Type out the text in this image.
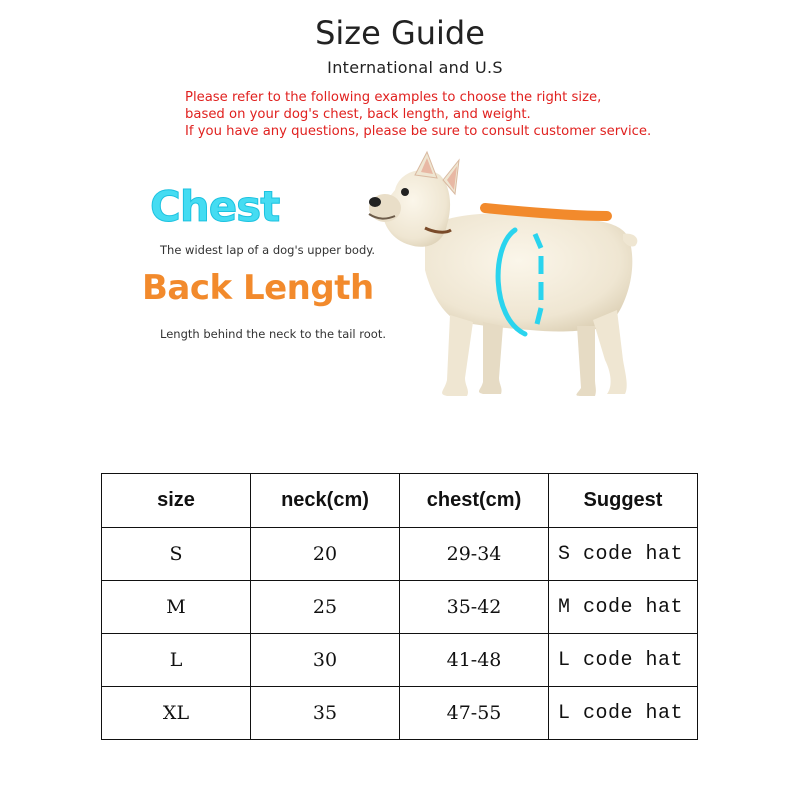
Size Guide
International and U.S
Please refer to the following examples to choose the right size,
based on your dog's chest, back length, and weight.
If you have any questions, please be sure to consult customer service.
Chest
The widest lap of a dog's upper body.
Back Length
Length behind the neck to the tail root.
size	neck(cm)	chest(cm)	Suggest
S	20	29-34	S code hat
M	25	35-42	M code hat
L	30	41-48	L code hat
XL	35	47-55	L code hat
